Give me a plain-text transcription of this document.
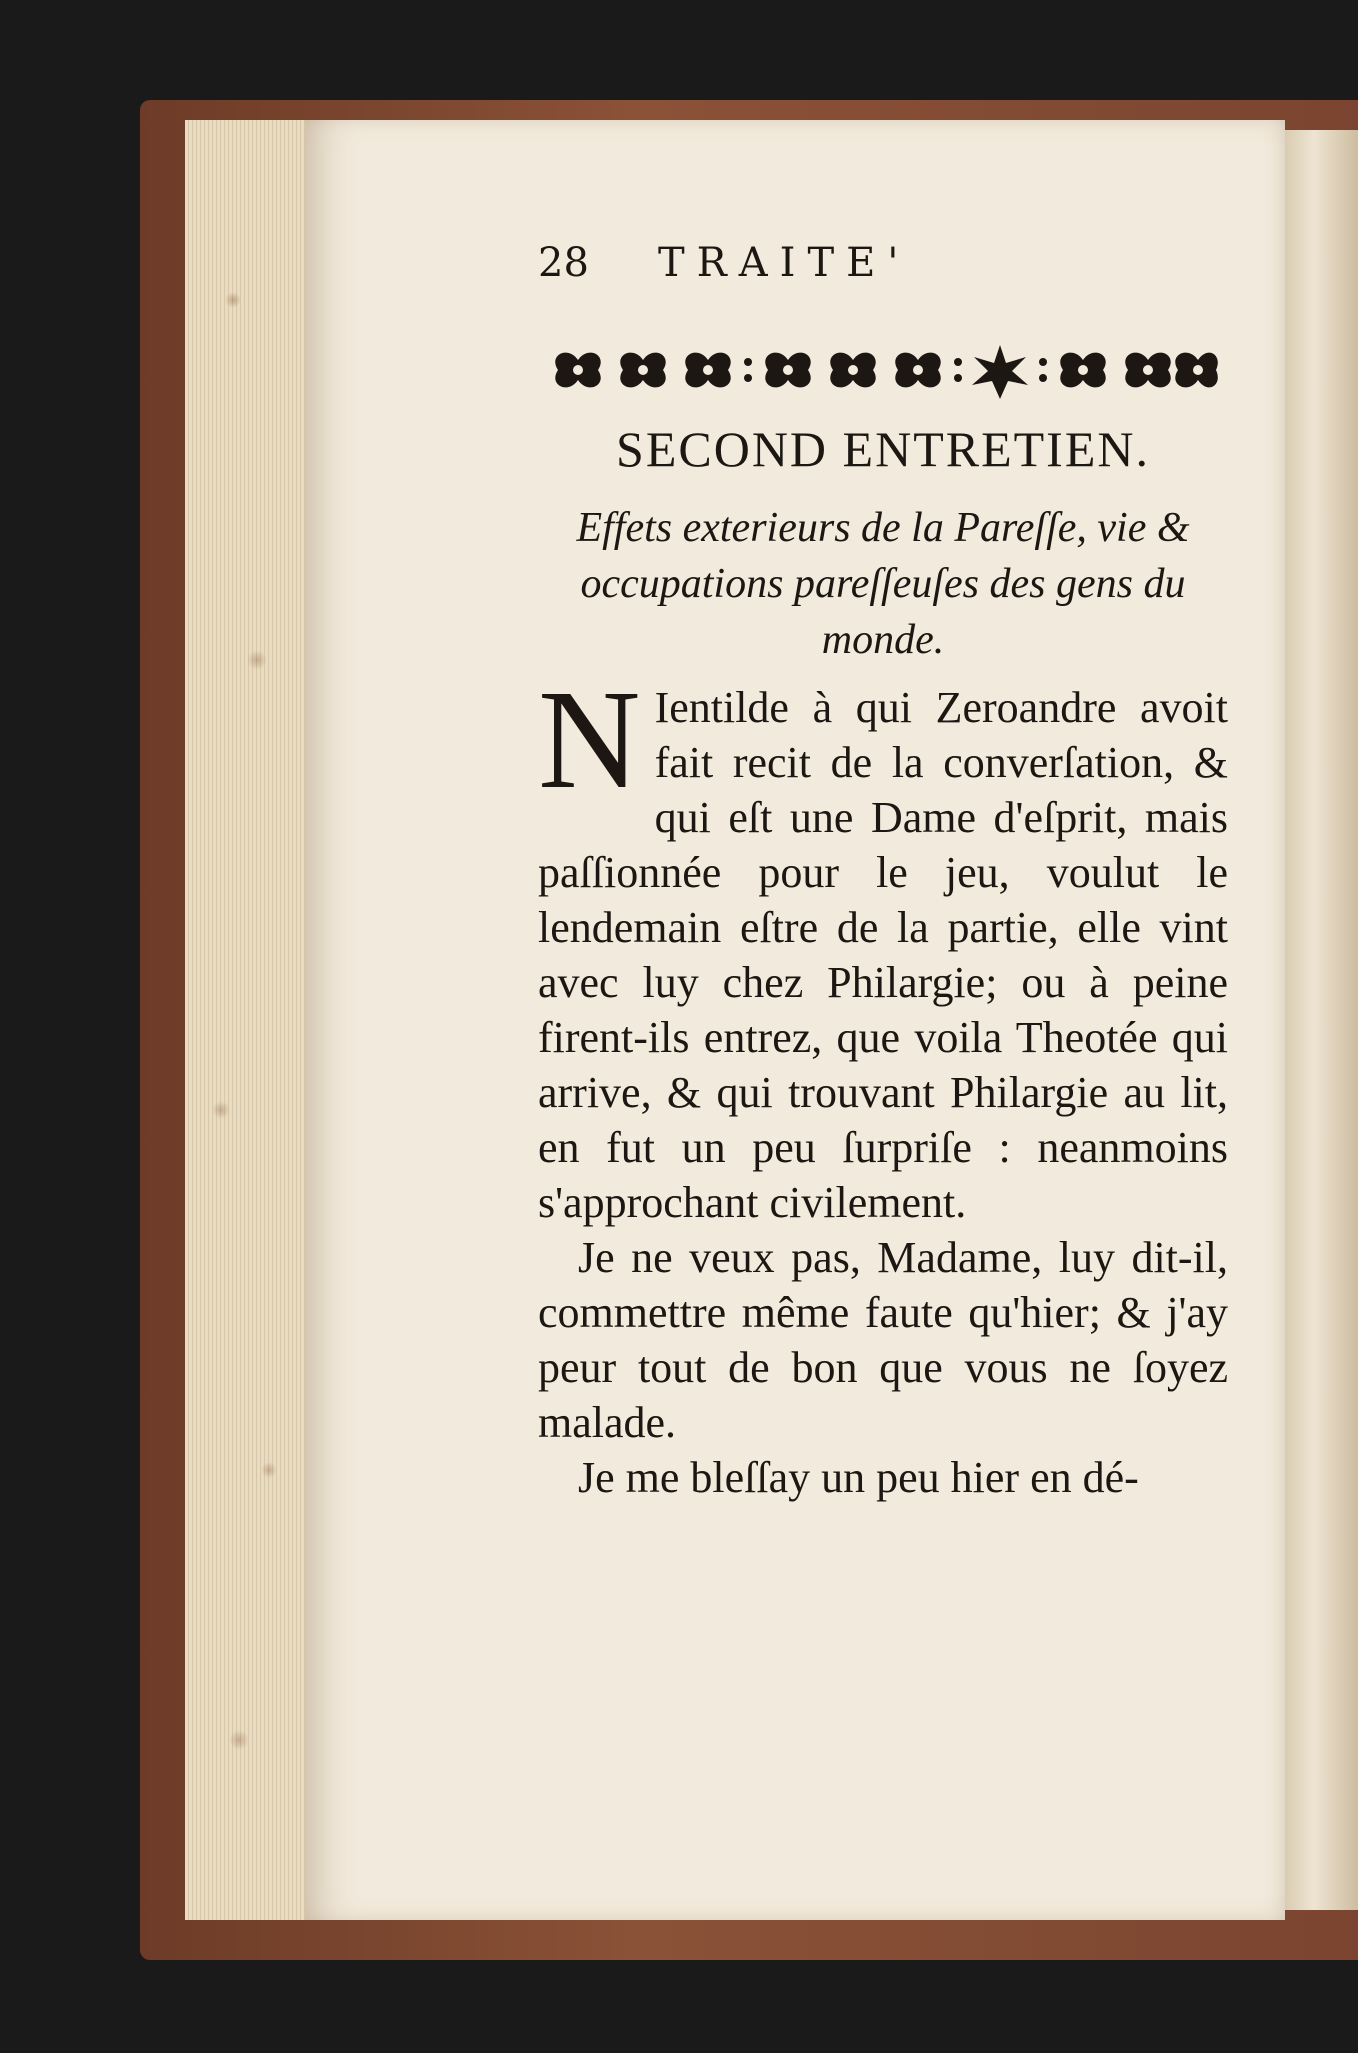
28	TRAITE'
SECOND ENTRETIEN.
Effets exterieurs de la Pareſſe, vie & occupations pareſſeuſes des gens du monde.

N Ientilde à qui Zeroandre avoit fait recit de la converſation, & qui eſt une Dame d'eſprit, mais paſſionnée pour le jeu, voulut le lendemain eſtre de la partie, elle vint avec luy chez Philargie; ou à peine firent-ils entrez, que voila Theotée qui arrive, & qui trouvant Philargie au lit, en fut un peu ſurpriſe : neanmoins s'approchant civilement.

Je ne veux pas, Madame, luy dit-il, commettre même faute qu'hier; & j'ay peur tout de bon que vous ne ſoyez malade.

Je me bleſſay un peu hier en dé-
